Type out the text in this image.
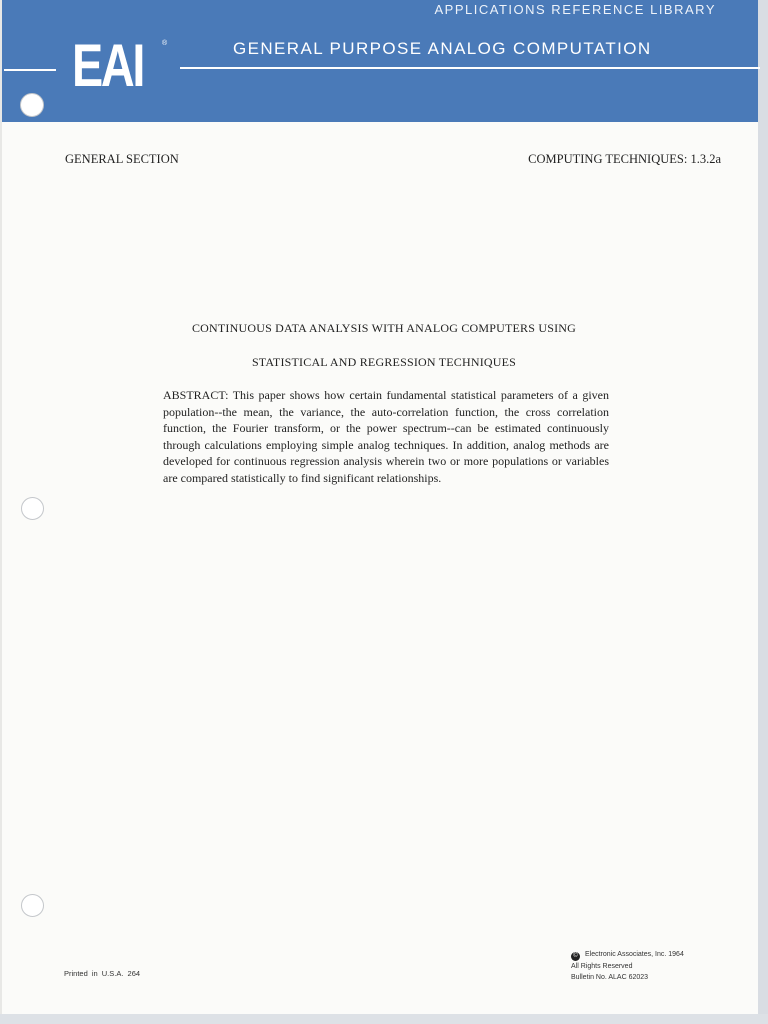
APPLICATIONS REFERENCE LIBRARY
EAI	®	GENERAL PURPOSE ANALOG COMPUTATION
GENERAL SECTION	COMPUTING TECHNIQUES: 1.3.2a
CONTINUOUS DATA ANALYSIS WITH ANALOG COMPUTERS USING
STATISTICAL AND REGRESSION TECHNIQUES
ABSTRACT: This paper shows how certain fundamental statistical parameters of a given population--the mean, the variance, the auto-correlation function, the cross correlation function, the Fourier transform, or the power spectrum--can be estimated continuously through calculations employing simple analog techniques. In addition, analog methods are developed for continuous regression analysis wherein two or more populations or variables are compared statistically to find significant relationships.
Printed in U.S.A. 264
© Electronic Associates, Inc. 1964
All Rights Reserved
Bulletin No. ALAC 62023
